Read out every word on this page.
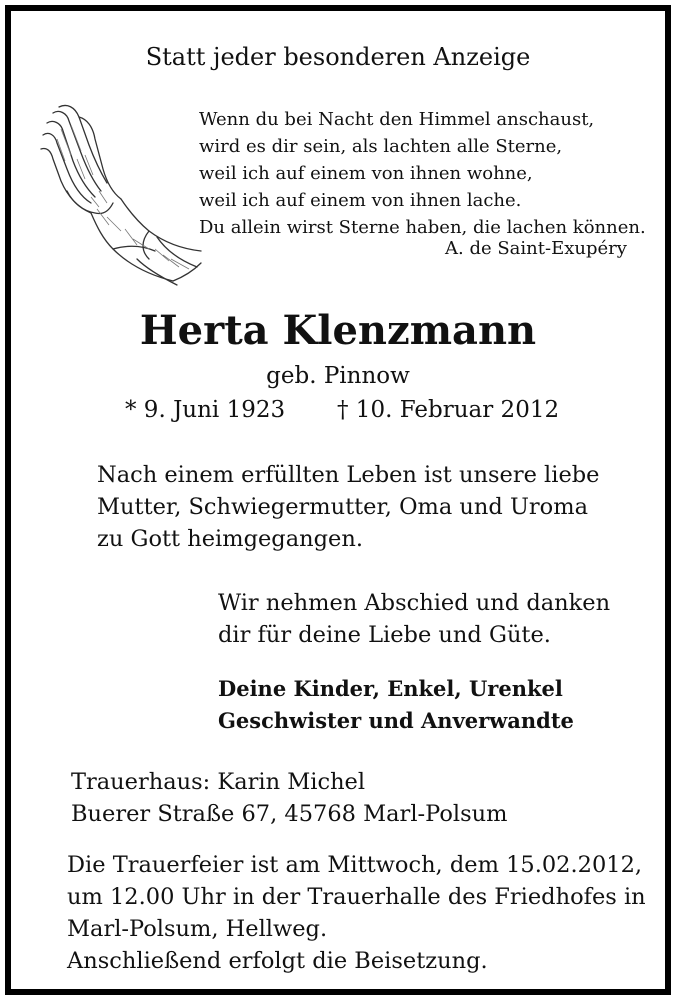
Statt jeder besonderen Anzeige
Wenn du bei Nacht den Himmel anschaust,
wird es dir sein, als lachten alle Sterne,
weil ich auf einem von ihnen wohne,
weil ich auf einem von ihnen lache.
Du allein wirst Sterne haben, die lachen können.
A. de Saint-Exupéry
Herta Klenzmann
geb. Pinnow
* 9. Juni 1923 † 10. Februar 2012
Nach einem erfüllten Leben ist unsere liebe
Mutter, Schwiegermutter, Oma und Uroma
zu Gott heimgegangen.
Wir nehmen Abschied und danken
dir für deine Liebe und Güte.
Deine Kinder, Enkel, Urenkel
Geschwister und Anverwandte
Trauerhaus: Karin Michel
Buerer Straße 67, 45768 Marl-Polsum
Die Trauerfeier ist am Mittwoch, dem 15.02.2012,
um 12.00 Uhr in der Trauerhalle des Friedhofes in
Marl-Polsum, Hellweg.
Anschließend erfolgt die Beisetzung.
